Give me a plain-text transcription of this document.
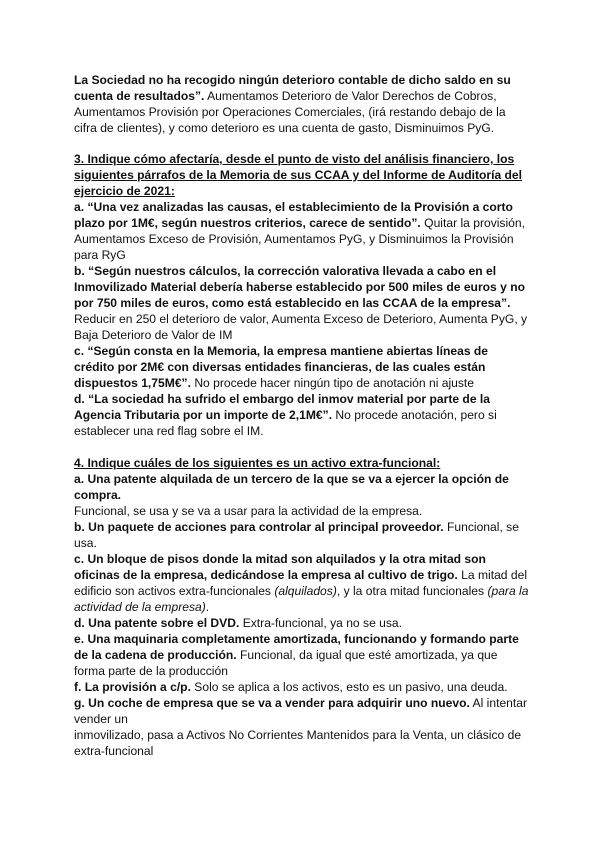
La Sociedad no ha recogido ningún deterioro contable de dicho saldo en su
cuenta de resultados”. Aumentamos Deterioro de Valor Derechos de Cobros,
Aumentamos Provisión por Operaciones Comerciales, (irá restando debajo de la
cifra de clientes), y como deterioro es una cuenta de gasto, Disminuimos PyG.
3. Indique cómo afectaría, desde el punto de visto del análisis financiero, los
siguientes párrafos de la Memoria de sus CCAA y del Informe de Auditoría del
ejercicio de 2021:
a. “Una vez analizadas las causas, el establecimiento de la Provisión a corto
plazo por 1M€, según nuestros criterios, carece de sentido”. Quitar la provisión,
Aumentamos Exceso de Provisión, Aumentamos PyG, y Disminuimos la Provisión
para RyG
b. “Según nuestros cálculos, la corrección valorativa llevada a cabo en el
Inmovilizado Material debería haberse establecido por 500 miles de euros y no
por 750 miles de euros, como está establecido en las CCAA de la empresa”.
Reducir en 250 el deterioro de valor, Aumenta Exceso de Deterioro, Aumenta PyG, y
Baja Deterioro de Valor de IM
c. “Según consta en la Memoria, la empresa mantiene abiertas líneas de
crédito por 2M€ con diversas entidades financieras, de las cuales están
dispuestos 1,75M€”. No procede hacer ningún tipo de anotación ni ajuste
d. “La sociedad ha sufrido el embargo del inmov material por parte de la
Agencia Tributaria por un importe de 2,1M€”. No procede anotación, pero si
establecer una red flag sobre el IM.
4. Indique cuáles de los siguientes es un activo extra-funcional:
a. Una patente alquilada de un tercero de la que se va a ejercer la opción de
compra.
Funcional, se usa y se va a usar para la actividad de la empresa.
b. Un paquete de acciones para controlar al principal proveedor. Funcional, se
usa.
c. Un bloque de pisos donde la mitad son alquilados y la otra mitad son
oficinas de la empresa, dedicándose la empresa al cultivo de trigo. La mitad del
edificio son activos extra-funcionales (alquilados), y la otra mitad funcionales (para la
actividad de la empresa).
d. Una patente sobre el DVD. Extra-funcional, ya no se usa.
e. Una maquinaria completamente amortizada, funcionando y formando parte
de la cadena de producción. Funcional, da igual que esté amortizada, ya que
forma parte de la producción
f. La provisión a c/p. Solo se aplica a los activos, esto es un pasivo, una deuda.
g. Un coche de empresa que se va a vender para adquirir uno nuevo. Al intentar
vender un
inmovilizado, pasa a Activos No Corrientes Mantenidos para la Venta, un clásico de
extra-funcional
